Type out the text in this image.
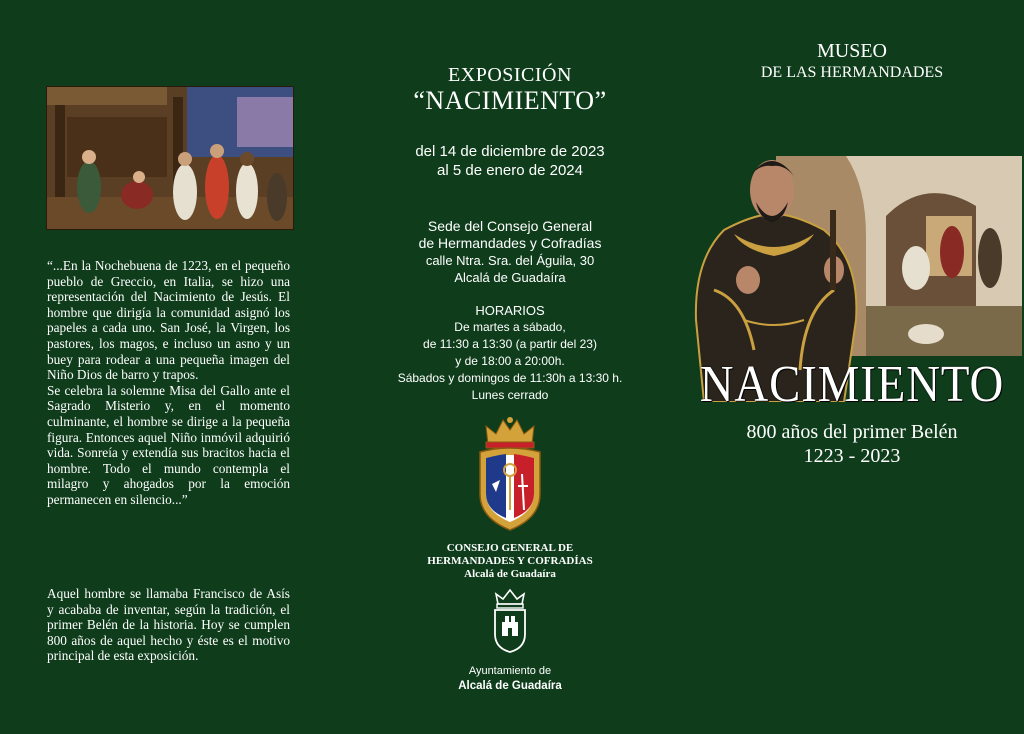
“...En la Nochebuena de 1223, en el pequeño pueblo de Greccio, en Italia, se hizo una representación del Nacimiento de Jesús. El hombre que dirigía la comunidad asignó los papeles a cada uno. San José, la Virgen, los pastores, los magos, e incluso un asno y un buey para rodear a una pequeña imagen del Niño Dios de barro y trapos.

Se celebra la solemne Misa del Gallo ante el Sagrado Misterio y, en el momento culminante, el hombre se dirige a la pequeña figura. Entonces aquel Niño inmóvil adquirió vida. Sonreía y extendía sus bracitos hacia el hombre. Todo el mundo contempla el milagro y ahogados por la emoción permanecen en silencio...”

Aquel hombre se llamaba Francisco de Asís y acababa de inventar, según la tradición, el primer Belén de la historia. Hoy se cumplen 800 años de aquel hecho y éste es el motivo principal de esta exposición.

EXPOSICIÓN
“NACIMIENTO”
del 14 de diciembre de 2023
al 5 de enero de 2024
Sede del Consejo General
de Hermandades y Cofradías
calle Ntra. Sra. del Águila, 30
Alcalá de Guadaíra
HORARIOS
De martes a sábado,
de 11:30 a 13:30 (a partir del 23)
y de 18:00 a 20:00h.
Sábados y domingos de 11:30h a 13:30 h.
Lunes cerrado
CONSEJO GENERAL DE
HERMANDADES Y COFRADÍAS
Alcalá de Guadaíra
Ayuntamiento de
Alcalá de Guadaíra
MUSEO
DE LAS HERMANDADES
NACIMIENTO
800 años del primer Belén
1223 - 2023
